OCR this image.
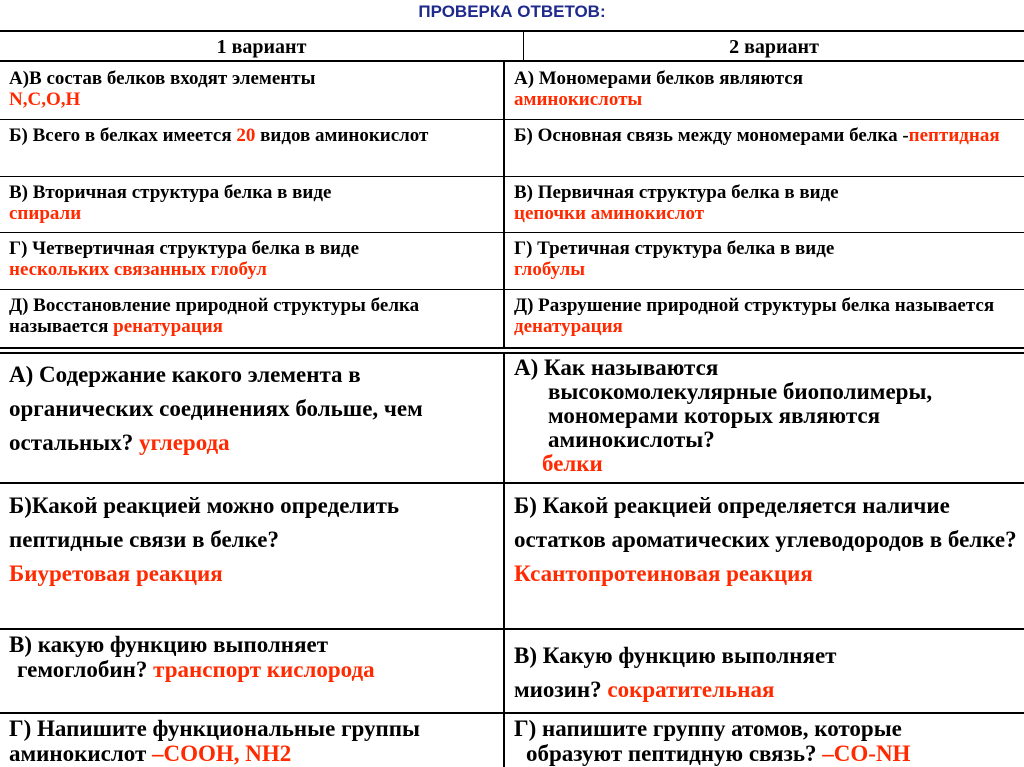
ПРОВЕРКА ОТВЕТОВ:
1 вариант	2 вариант
А)В состав белков входят элементы
N,C,O,H
А) Мономерами белков являются
аминокислоты
Б) Всего в белках имеется 20 видов аминокислот	Б) Основная связь между мономерами белка -пептидная
В) Вторичная структура белка в виде
спирали
В) Первичная структура белка в виде
цепочки аминокислот
Г) Четвертичная структура белка в виде
нескольких связанных глобул
Г) Третичная структура белка в виде
глобулы
Д) Восстановление природной структуры белка называется ренатурация
Д) Разрушение природной структуры белка называется денатурация
А) Содержание какого элемента в органических соединениях больше, чем остальных? углерода
А) Как называются
высокомолекулярные биополимеры, мономерами которых являются аминокислоты?
белки
Б)Какой реакцией можно определить пептидные связи в белке?
Биуретовая реакция
Б) Какой реакцией определяется наличие остатков ароматических углеводородов в белке?
Ксантопротеиновая реакция
В) какую функцию выполняет
гемоглобин? транспорт кислорода
В) Какую функцию выполняет
миозин? сократительная
Г) Напишите функциональные группы аминокислот –COOH, NH2
Г) напишите группу атомов, которые
образуют пептидную связь? –CO-NH
